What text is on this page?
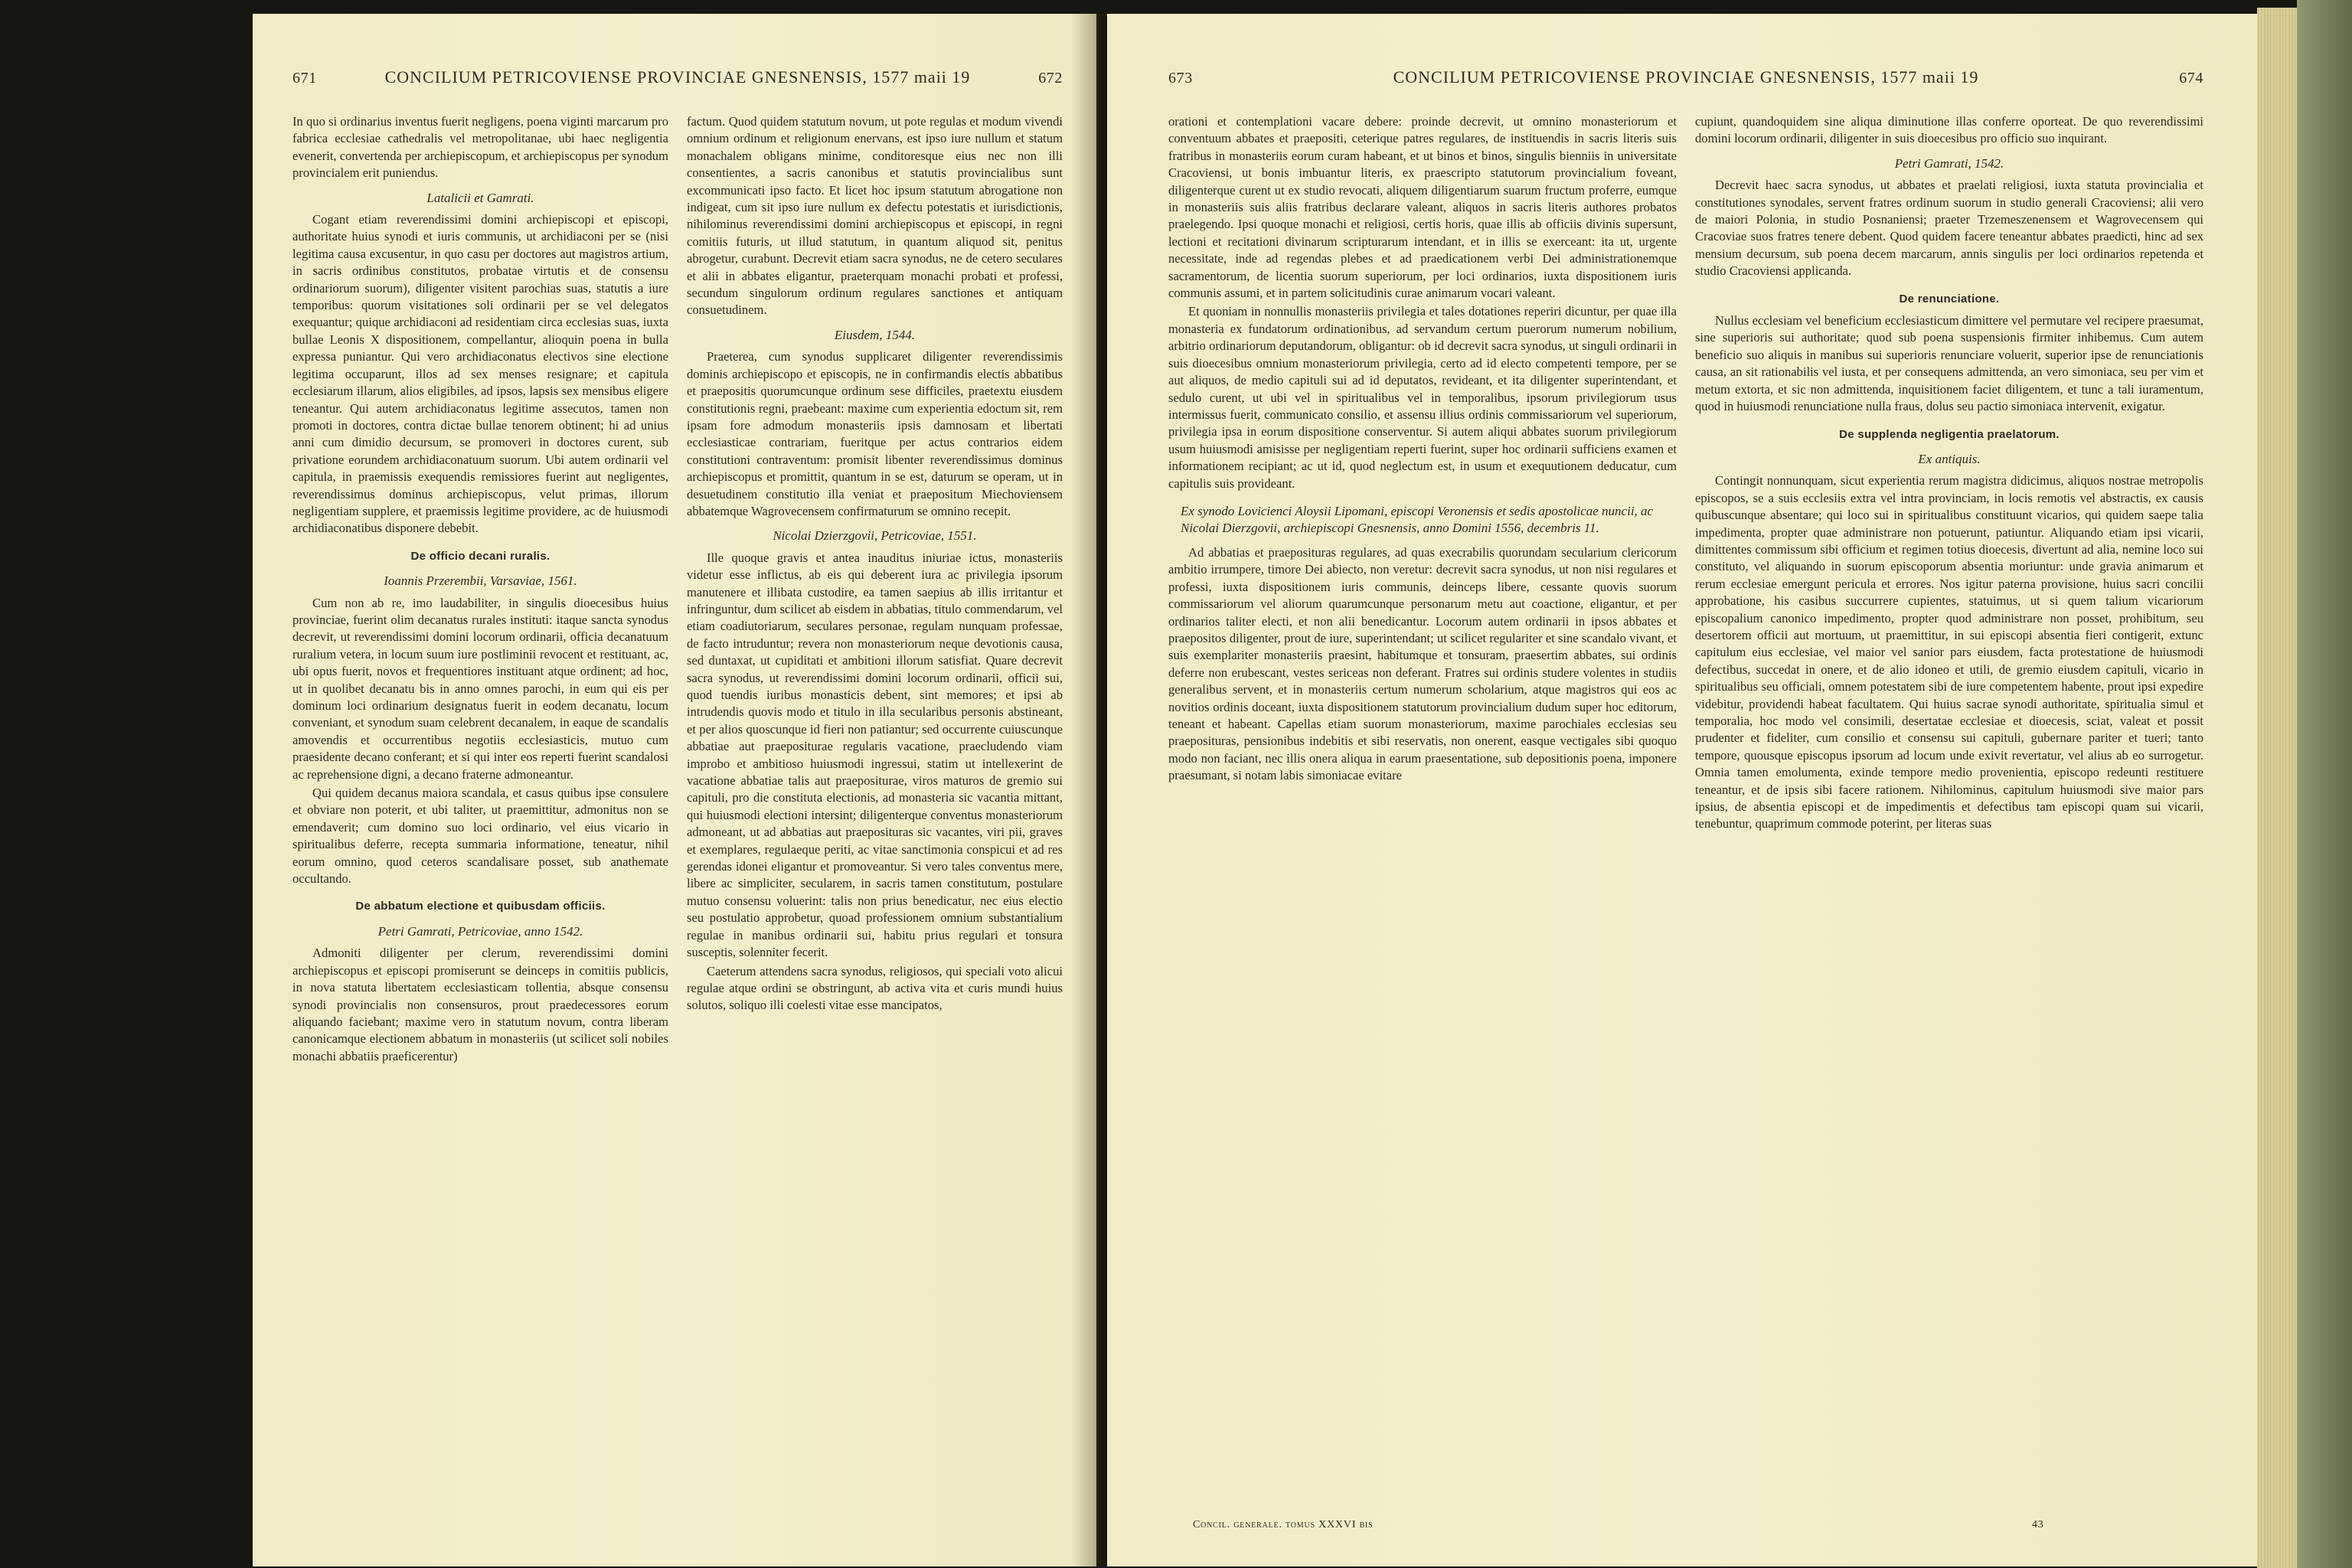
671	CONCILIUM PETRICOVIENSE PROVINCIAE GNESNENSIS, 1577 maii 19	672

In quo si ordinarius inventus fuerit negligens, poena viginti marcarum pro fabrica ecclesiae cathedralis vel metropolitanae, ubi haec negligentia evenerit, convertenda per archiepiscopum, et archiepiscopus per synodum provincialem erit puniendus.

Latalicii et Gamrati.

Cogant etiam reverendissimi domini archiepiscopi et episcopi, authoritate huius synodi et iuris communis, ut archidiaconi per se (nisi legitima causa excusentur, in quo casu per doctores aut magistros artium, in sacris ordinibus constitutos, probatae virtutis et de consensu ordinariorum suorum), diligenter visitent parochias suas, statutis a iure temporibus: quorum visitationes soli ordinarii per se vel delegatos exequantur; quique archidiaconi ad residentiam circa ecclesias suas, iuxta bullae Leonis X dispositionem, compellantur, alioquin poena in bulla expressa puniantur. Qui vero archidiaconatus electivos sine electione legitima occuparunt, illos ad sex menses resignare; et capitula ecclesiarum illarum, alios eligibiles, ad ipsos, lapsis sex mensibus eligere teneantur. Qui autem archidiaconatus legitime assecutos, tamen non promoti in doctores, contra dictae bullae tenorem obtinent; hi ad unius anni cum dimidio decursum, se promoveri in doctores curent, sub privatione eorundem archidiaconatuum suorum. Ubi autem ordinarii vel capitula, in praemissis exequendis remissiores fuerint aut negligentes, reverendissimus dominus archiepiscopus, velut primas, illorum negligentiam supplere, et praemissis legitime providere, ac de huiusmodi archidiaconatibus disponere debebit.

De officio decani ruralis.
Ioannis Przerembii, Varsaviae, 1561.

Cum non ab re, imo laudabiliter, in singulis dioecesibus huius provinciae, fuerint olim decanatus rurales instituti: itaque sancta synodus decrevit, ut reverendissimi domini locorum ordinarii, officia decanatuum ruralium vetera, in locum suum iure postliminii revocent et restituant, ac, ubi opus fuerit, novos et frequentiores instituant atque ordinent; ad hoc, ut in quolibet decanatu bis in anno omnes parochi, in eum qui eis per dominum loci ordinarium designatus fuerit in eodem decanatu, locum conveniant, et synodum suam celebrent decanalem, in eaque de scandalis amovendis et occurrentibus negotiis ecclesiasticis, mutuo cum praesidente decano conferant; et si qui inter eos reperti fuerint scandalosi ac reprehensione digni, a decano fraterne admoneantur.

Qui quidem decanus maiora scandala, et casus quibus ipse consulere et obviare non poterit, et ubi taliter, ut praemittitur, admonitus non se emendaverit; cum domino suo loci ordinario, vel eius vicario in spiritualibus deferre, recepta summaria informatione, teneatur, nihil eorum omnino, quod ceteros scandalisare posset, sub anathemate occultando.

De abbatum electione et quibusdam officiis.
Petri Gamrati, Petricoviae, anno 1542.

Admoniti diligenter per clerum, reverendissimi domini archiepiscopus et episcopi promiserunt se deinceps in comitiis publicis, in nova statuta libertatem ecclesiasticam tollentia, absque consensu synodi provincialis non consensuros, prout praedecessores eorum aliquando faciebant; maxime vero in statutum novum, contra liberam canonicamque electionem abbatum in monasteriis (ut scilicet soli nobiles monachi abbatiis praeficerentur)

factum. Quod quidem statutum novum, ut pote regulas et modum vivendi omnium ordinum et religionum enervans, est ipso iure nullum et statum monachalem obligans minime, conditoresque eius nec non illi consentientes, a sacris canonibus et statutis provincialibus sunt excommunicati ipso facto. Et licet hoc ipsum statutum abrogatione non indigeat, cum sit ipso iure nullum ex defectu potestatis et iurisdictionis, nihilominus reverendissimi domini archiepiscopus et episcopi, in regni comitiis futuris, ut illud statutum, in quantum aliquod sit, penitus abrogetur, curabunt. Decrevit etiam sacra synodus, ne de cetero seculares et alii in abbates eligantur, praeterquam monachi probati et professi, secundum singulorum ordinum regulares sanctiones et antiquam consuetudinem.

Eiusdem, 1544.

Praeterea, cum synodus supplicaret diligenter reverendissimis dominis archiepiscopo et episcopis, ne in confirmandis electis abbatibus et praepositis quorumcunque ordinum sese difficiles, praetextu eiusdem constitutionis regni, praebeant: maxime cum experientia edoctum sit, rem ipsam fore admodum monasteriis ipsis damnosam et libertati ecclesiasticae contrariam, fueritque per actus contrarios eidem constitutioni contraventum: promisit libenter reverendissimus dominus archiepiscopus et promittit, quantum in se est, daturum se operam, ut in desuetudinem constitutio illa veniat et praepositum Miechoviensem abbatemque Wagrovecensem confirmaturum se omnino recepit.

Nicolai Dzierzgovii, Petricoviae, 1551.

Ille quoque gravis et antea inauditus iniuriae ictus, monasteriis videtur esse inflictus, ab eis qui deberent iura ac privilegia ipsorum manutenere et illibata custodire, ea tamen saepius ab illis irritantur et infringuntur, dum scilicet ab eisdem in abbatias, titulo commendarum, vel etiam coadiutoriarum, seculares personae, regulam nunquam professae, de facto intruduntur; revera non monasteriorum neque devotionis causa, sed duntaxat, ut cupiditati et ambitioni illorum satisfiat. Quare decrevit sacra synodus, ut reverendissimi domini locorum ordinarii, officii sui, quod tuendis iuribus monasticis debent, sint memores; et ipsi ab intrudendis quovis modo et titulo in illa secularibus personis abstineant, et per alios quoscunque id fieri non patiantur; sed occurrente cuiuscunque abbatiae aut praepositurae regularis vacatione, praecludendo viam improbo et ambitioso huiusmodi ingressui, statim ut intellexerint de vacatione abbatiae talis aut praepositurae, viros maturos de gremio sui capituli, pro die constituta electionis, ad monasteria sic vacantia mittant, qui huiusmodi electioni intersint; diligenterque conventus monasteriorum admoneant, ut ad abbatias aut praeposituras sic vacantes, viri pii, graves et exemplares, regulaeque periti, ac vitae sanctimonia conspicui et ad res gerendas idonei eligantur et promoveantur. Si vero tales conventus mere, libere ac simpliciter, secularem, in sacris tamen constitutum, postulare mutuo consensu voluerint: talis non prius benedicatur, nec eius electio seu postulatio approbetur, quoad professionem omnium substantialium regulae in manibus ordinarii sui, habitu prius regulari et tonsura susceptis, solenniter fecerit.

Caeterum attendens sacra synodus, religiosos, qui speciali voto alicui regulae atque ordini se obstringunt, ab activa vita et curis mundi huius solutos, soliquo illi coelesti vitae esse mancipatos,

673	CONCILIUM PETRICOVIENSE PROVINCIAE GNESNENSIS, 1577 maii 19	674

orationi et contemplationi vacare debere: proinde decrevit, ut omnino monasteriorum et conventuum abbates et praepositi, ceterique patres regulares, de instituendis in sacris literis suis fratribus in monasteriis eorum curam habeant, et ut binos et binos, singulis bienniis in universitate Cracoviensi, ut bonis imbuantur literis, ex praescripto statutorum provincialium foveant, diligenterque curent ut ex studio revocati, aliquem diligentiarum suarum fructum proferre, eumque in monasteriis suis aliis fratribus declarare valeant, aliquos in sacris literis authores probatos praelegendo. Ipsi quoque monachi et religiosi, certis horis, quae illis ab officiis divinis supersunt, lectioni et recitationi divinarum scripturarum intendant, et in illis se exerceant: ita ut, urgente necessitate, inde ad regendas plebes et ad praedicationem verbi Dei administrationemque sacramentorum, de licentia suorum superiorum, per loci ordinarios, iuxta dispositionem iuris communis assumi, et in partem solicitudinis curae animarum vocari valeant.

Et quoniam in nonnullis monasteriis privilegia et tales dotationes reperiri dicuntur, per quae illa monasteria ex fundatorum ordinationibus, ad servandum certum puerorum numerum nobilium, arbitrio ordinariorum deputandorum, obligantur: ob id decrevit sacra synodus, ut singuli ordinarii in suis dioecesibus omnium monasteriorum privilegia, certo ad id electo competenti tempore, per se aut aliquos, de medio capituli sui ad id deputatos, revideant, et ita diligenter superintendant, et sedulo curent, ut ubi vel in spiritualibus vel in temporalibus, ipsorum privilegiorum usus intermissus fuerit, communicato consilio, et assensu illius ordinis commissariorum vel superiorum, privilegia ipsa in eorum dispositione conserventur. Si autem aliqui abbates suorum privilegiorum usum huiusmodi amisisse per negligentiam reperti fuerint, super hoc ordinarii sufficiens examen et informationem recipiant; ac ut id, quod neglectum est, in usum et exequutionem deducatur, cum capitulis suis provideant.

Ex synodo Lovicienci Aloysii Lipomani, episcopi Veronensis et sedis apostolicae nuncii, ac Nicolai Dierzgovii, archiepiscopi Gnesnensis, anno Domini 1556, decembris 11.

Ad abbatias et praeposituras regulares, ad quas execrabilis quorundam secularium clericorum ambitio irrumpere, timore Dei abiecto, non veretur: decrevit sacra synodus, ut non nisi regulares et professi, iuxta dispositionem iuris communis, deinceps libere, cessante quovis suorum commissariorum vel aliorum quarumcunque personarum metu aut coactione, eligantur, et per ordinarios taliter electi, et non alii benedicantur. Locorum autem ordinarii in ipsos abbates et praepositos diligenter, prout de iure, superintendant; ut scilicet regulariter et sine scandalo vivant, et suis exemplariter monasteriis praesint, habitumque et tonsuram, praesertim abbates, sui ordinis deferre non erubescant, vestes sericeas non deferant. Fratres sui ordinis studere volentes in studiis generalibus servent, et in monasteriis certum numerum scholarium, atque magistros qui eos ac novitios ordinis doceant, iuxta dispositionem statutorum provincialium dudum super hoc editorum, teneant et habeant. Capellas etiam suorum monasteriorum, maxime parochiales ecclesias seu praeposituras, pensionibus indebitis et sibi reservatis, non onerent, easque vectigales sibi quoquo modo non faciant, nec illis onera aliqua in earum praesentatione, sub depositionis poena, imponere praesumant, si notam labis simoniacae evitare

cupiunt, quandoquidem sine aliqua diminutione illas conferre oporteat. De quo reverendissimi domini locorum ordinarii, diligenter in suis dioecesibus pro officio suo inquirant.

Petri Gamrati, 1542.

Decrevit haec sacra synodus, ut abbates et praelati religiosi, iuxta statuta provincialia et constitutiones synodales, servent fratres ordinum suorum in studio generali Cracoviensi; alii vero de maiori Polonia, in studio Posnaniensi; praeter Trzemeszenensem et Wagrovecensem qui Cracoviae suos fratres tenere debent. Quod quidem facere teneantur abbates praedicti, hinc ad sex mensium decursum, sub poena decem marcarum, annis singulis per loci ordinarios repetenda et studio Cracoviensi applicanda.

De renunciatione.

Nullus ecclesiam vel beneficium ecclesiasticum dimittere vel permutare vel recipere praesumat, sine superioris sui authoritate; quod sub poena suspensionis firmiter inhibemus. Cum autem beneficio suo aliquis in manibus sui superioris renunciare voluerit, superior ipse de renunciationis causa, an sit rationabilis vel iusta, et per consequens admittenda, an vero simoniaca, seu per vim et metum extorta, et sic non admittenda, inquisitionem faciet diligentem, et tunc a tali iuramentum, quod in huiusmodi renunciatione nulla fraus, dolus seu pactio simoniaca intervenit, exigatur.

De supplenda negligentia praelatorum.
Ex antiquis.

Contingit nonnunquam, sicut experientia rerum magistra didicimus, aliquos nostrae metropolis episcopos, se a suis ecclesiis extra vel intra provinciam, in locis remotis vel abstractis, ex causis quibuscunque absentare; qui loco sui in spiritualibus constituunt vicarios, qui quidem saepe talia impedimenta, propter quae administrare non potuerunt, patiuntur. Aliquando etiam ipsi vicarii, dimittentes commissum sibi officium et regimen totius dioecesis, divertunt ad alia, nemine loco sui constituto, vel aliquando in suorum episcoporum absentia moriuntur: unde gravia animarum et rerum ecclesiae emergunt pericula et errores. Nos igitur paterna provisione, huius sacri concilii approbatione, his casibus succurrere cupientes, statuimus, ut si quem talium vicariorum episcopalium canonico impedimento, propter quod administrare non posset, prohibitum, seu desertorem officii aut mortuum, ut praemittitur, in sui episcopi absentia fieri contigerit, extunc capitulum eius ecclesiae, vel maior vel sanior pars eiusdem, facta protestatione de huiusmodi defectibus, succedat in onere, et de alio idoneo et utili, de gremio eiusdem capituli, vicario in spiritualibus seu officiali, omnem potestatem sibi de iure competentem habente, prout ipsi expedire videbitur, providendi habeat facultatem. Qui huius sacrae synodi authoritate, spiritualia simul et temporalia, hoc modo vel consimili, desertatae ecclesiae et dioecesis, sciat, valeat et possit prudenter et fideliter, cum consilio et consensu sui capituli, gubernare pariter et tueri; tanto tempore, quousque episcopus ipsorum ad locum unde exivit revertatur, vel alius ab eo surrogetur. Omnia tamen emolumenta, exinde tempore medio provenientia, episcopo redeunti restituere teneantur, et de ipsis sibi facere rationem. Nihilominus, capitulum huiusmodi sive maior pars ipsius, de absentia episcopi et de impedimentis et defectibus tam episcopi quam sui vicarii, tenebuntur, quaprimum commode poterint, per literas suas

Concil. generale. tomus XXXVI bis	43
